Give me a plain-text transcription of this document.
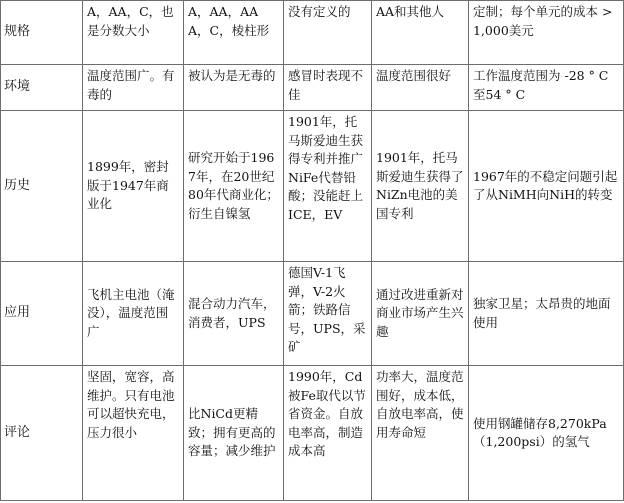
规格	A，AA，C，也是分数大小	A，AA，AAA，C，棱柱形	没有定义的	AA和其他人	定制；每个单元的成本 > 1,000美元
环境	温度范围广。有毒的	被认为是无毒的	感冒时表现不佳	温度范围很好	工作温度范围为 -28 ° C至54 ° C
历史	1899年，密封版于1947年商业化	研究开始于1967年，在20世纪80年代商业化；衍生自镍氢	1901年，托马斯爱迪生获得专利并推广NiFe代替铅酸；没能赶上ICE，EV	1901年，托马斯爱迪生获得了NiZn电池的美国专利	1967年的不稳定问题引起了从NiMH向NiH的转变
应用	飞机主电池（淹没），温度范围广	混合动力汽车，消费者，UPS	德国V-1飞弹，V-2火箭；铁路信号，UPS，采矿	通过改进重新对商业市场产生兴趣	独家卫星；太昂贵的地面使用
评论	坚固，宽容，高维护。只有电池可以超快充电，压力很小	比NiCd更精致；拥有更高的容量；减少维护	1990年，Cd被Fe取代以节省资金。自放电率高，制造成本高	功率大，温度范围好，成本低，自放电率高，使用寿命短	使用钢罐储存8,270kPa（1,200psi）的氢气
